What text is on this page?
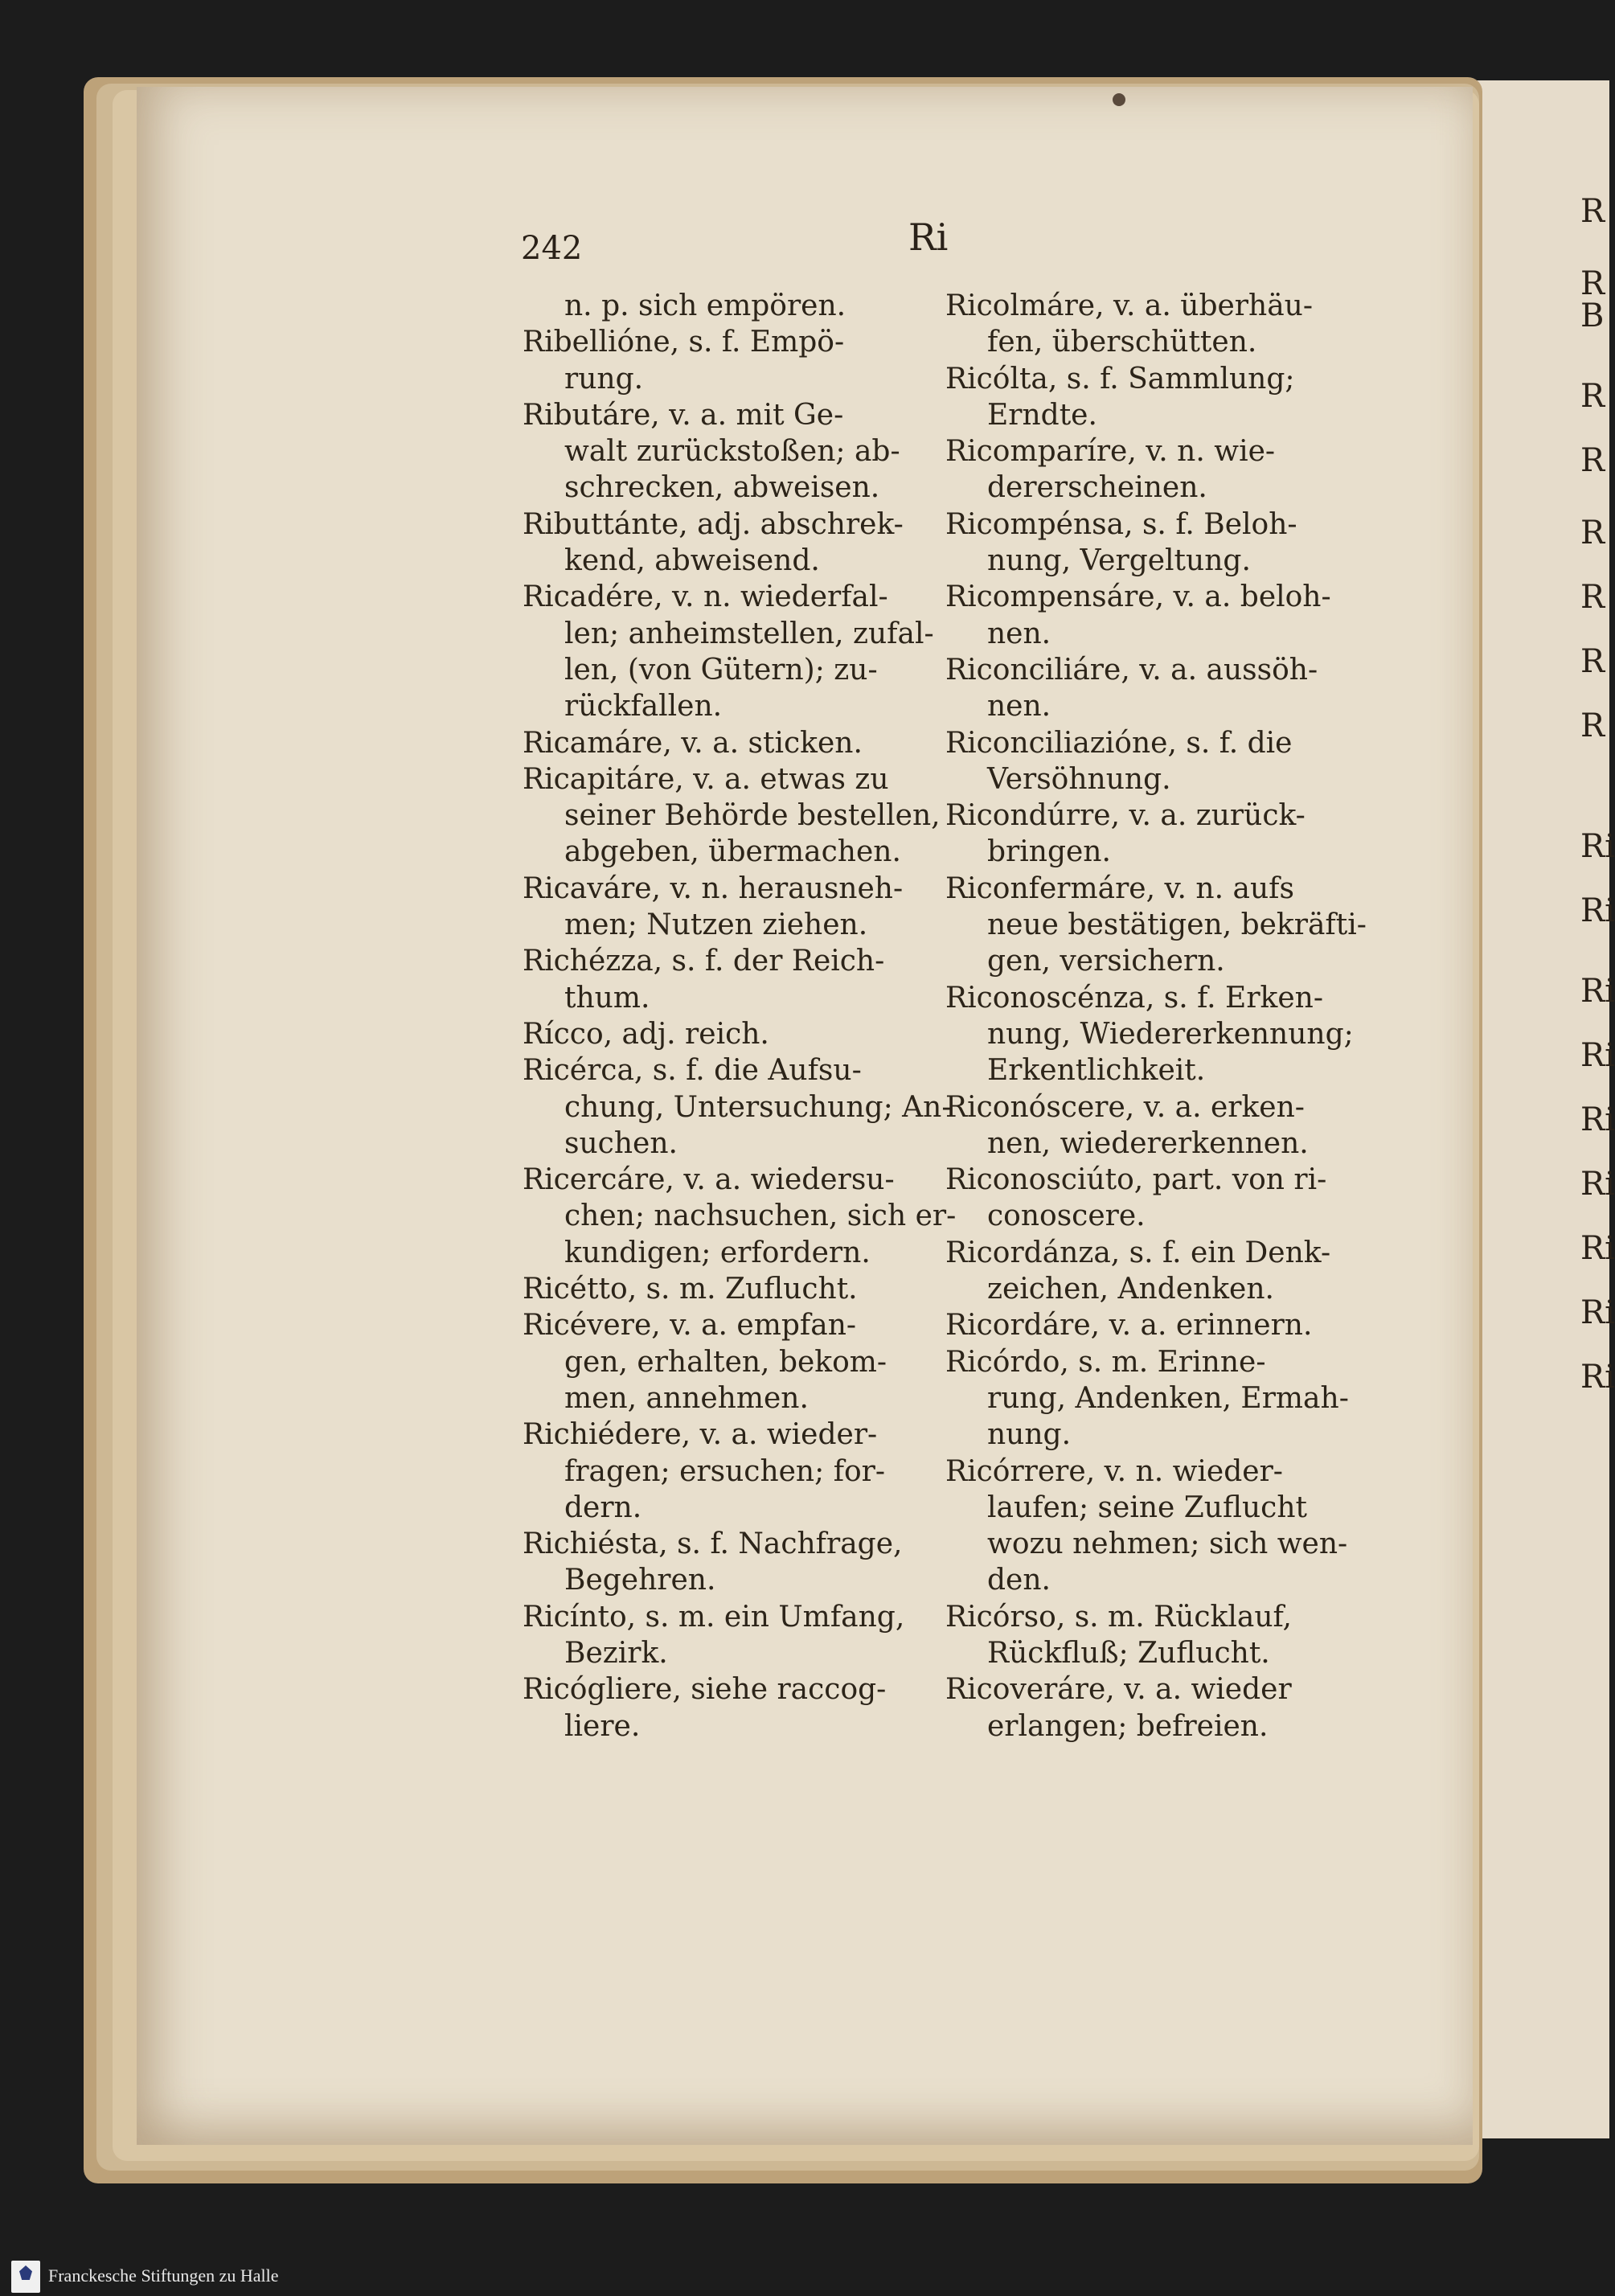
R
R
B
R
R
R
R
R
R
Ri
Ri
Ri
Ri
Ri
Ri
Ri
Ri
Ri
242	Ri
n. p. sich empören.
Ribellióne, s. f. Empö-
rung.
Ributáre, v. a. mit Ge-
walt zurückstoßen; ab-
schrecken, abweisen.
Ributtánte, adj. abschrek-
kend, abweisend.
Ricadére, v. n. wiederfal-
len; anheimstellen, zufal-
len, (von Gütern); zu-
rückfallen.
Ricamáre, v. a. sticken.
Ricapitáre, v. a. etwas zu
seiner Behörde bestellen,
abgeben, übermachen.
Ricaváre, v. n. herausneh-
men; Nutzen ziehen.
Richézza, s. f. der Reich-
thum.
Rícco, adj. reich.
Ricérca, s. f. die Aufsu-
chung, Untersuchung; An-
suchen.
Ricercáre, v. a. wiedersu-
chen; nachsuchen, sich er-
kundigen; erfordern.
Ricétto, s. m. Zuflucht.
Ricévere, v. a. empfan-
gen, erhalten, bekom-
men, annehmen.
Richiédere, v. a. wieder-
fragen; ersuchen; for-
dern.
Richiésta, s. f. Nachfrage,
Begehren.
Ricínto, s. m. ein Umfang,
Bezirk.
Ricógliere, siehe raccog-
liere.
Ricolmáre, v. a. überhäu-
fen, überschütten.
Ricólta, s. f. Sammlung;
Erndte.
Ricomparíre, v. n. wie-
dererscheinen.
Ricompénsa, s. f. Beloh-
nung, Vergeltung.
Ricompensáre, v. a. beloh-
nen.
Riconciliáre, v. a. aussöh-
nen.
Riconciliazióne, s. f. die
Versöhnung.
Ricondúrre, v. a. zurück-
bringen.
Riconfermáre, v. n. aufs
neue bestätigen, bekräfti-
gen, versichern.
Riconoscénza, s. f. Erken-
nung, Wiedererkennung;
Erkentlichkeit.
Riconóscere, v. a. erken-
nen, wiedererkennen.
Riconosciúto, part. von ri-
conoscere.
Ricordánza, s. f. ein Denk-
zeichen, Andenken.
Ricordáre, v. a. erinnern.
Ricórdo, s. m. Erinne-
rung, Andenken, Ermah-
nung.
Ricórrere, v. n. wieder-
laufen; seine Zuflucht
wozu nehmen; sich wen-
den.
Ricórso, s. m. Rücklauf,
Rückfluß; Zuflucht.
Ricoveráre, v. a. wieder
erlangen; befreien.
Franckesche Stiftungen zu Halle
